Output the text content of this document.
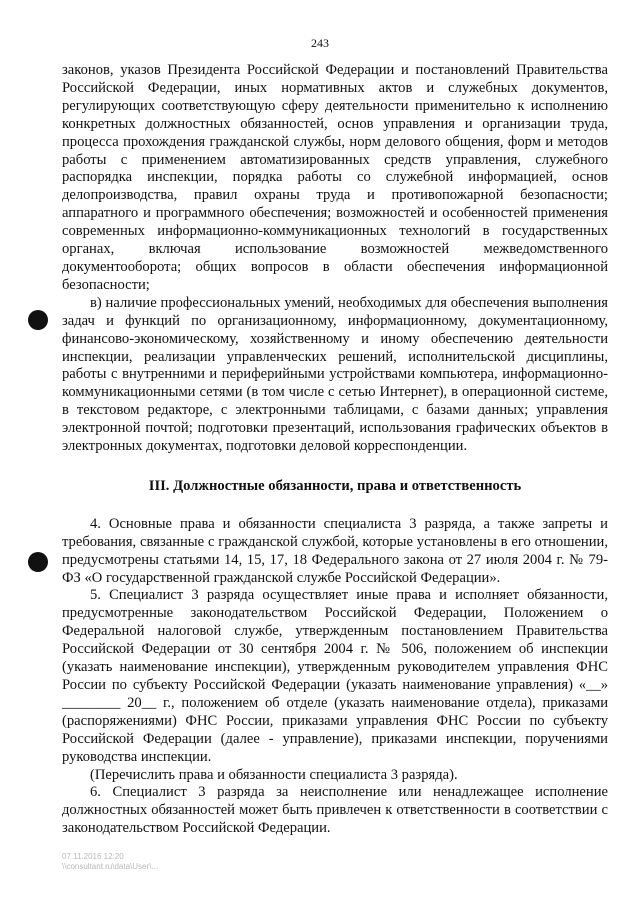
243

законов, указов Президента Российской Федерации и постановлений Правительства Российской Федерации, иных нормативных актов и служебных документов, регулирующих соответствующую сферу деятельности применительно к исполнению конкретных должностных обязанностей, основ управления и организации труда, процесса прохождения гражданской службы, норм делового общения, форм и методов работы с применением автоматизированных средств управления, служебного распорядка инспекции, порядка работы со служебной информацией, основ делопроизводства, правил охраны труда и противопожарной безопасности; аппаратного и программного обеспечения; возможностей и особенностей применения современных информационно-коммуникационных технологий в государственных органах, включая использование возможностей межведомственного документооборота; общих вопросов в области обеспечения информационной безопасности;

в) наличие профессиональных умений, необходимых для обеспечения выполнения задач и функций по организационному, информационному, документационному, финансово-экономическому, хозяйственному и иному обеспечению деятельности инспекции, реализации управленческих решений, исполнительской дисциплины, работы с внутренними и периферийными устройствами компьютера, информационно-коммуникационными сетями (в том числе с сетью Интернет), в операционной системе, в текстовом редакторе, с электронными таблицами, с базами данных; управления электронной почтой; подготовки презентаций, использования графических объектов в электронных документах, подготовки деловой корреспонденции.

III. Должностные обязанности, права и ответственность

4. Основные права и обязанности специалиста 3 разряда, а также запреты и требования, связанные с гражданской службой, которые установлены в его отношении, предусмотрены статьями 14, 15, 17, 18 Федерального закона от 27 июля 2004 г. № 79-ФЗ «О государственной гражданской службе Российской Федерации».

5. Специалист 3 разряда осуществляет иные права и исполняет обязанности, предусмотренные законодательством Российской Федерации, Положением о Федеральной налоговой службе, утвержденным постановлением Правительства Российской Федерации от 30 сентября 2004 г. № 506, положением об инспекции (указать наименование инспекции), утвержденным руководителем управления ФНС России по субъекту Российской Федерации (указать наименование управления) «__» ________ 20__ г., положением об отделе (указать наименование отдела), приказами (распоряжениями) ФНС России, приказами управления ФНС России по субъекту Российской Федерации (далее - управление), приказами инспекции, поручениями руководства инспекции.

(Перечислить права и обязанности специалиста 3 разряда).

6. Специалист 3 разряда за неисполнение или ненадлежащее исполнение должностных обязанностей может быть привлечен к ответственности в соответствии с законодательством Российской Федерации.

07.11.2016 12:20
\\consultant.ru\data\User\...
